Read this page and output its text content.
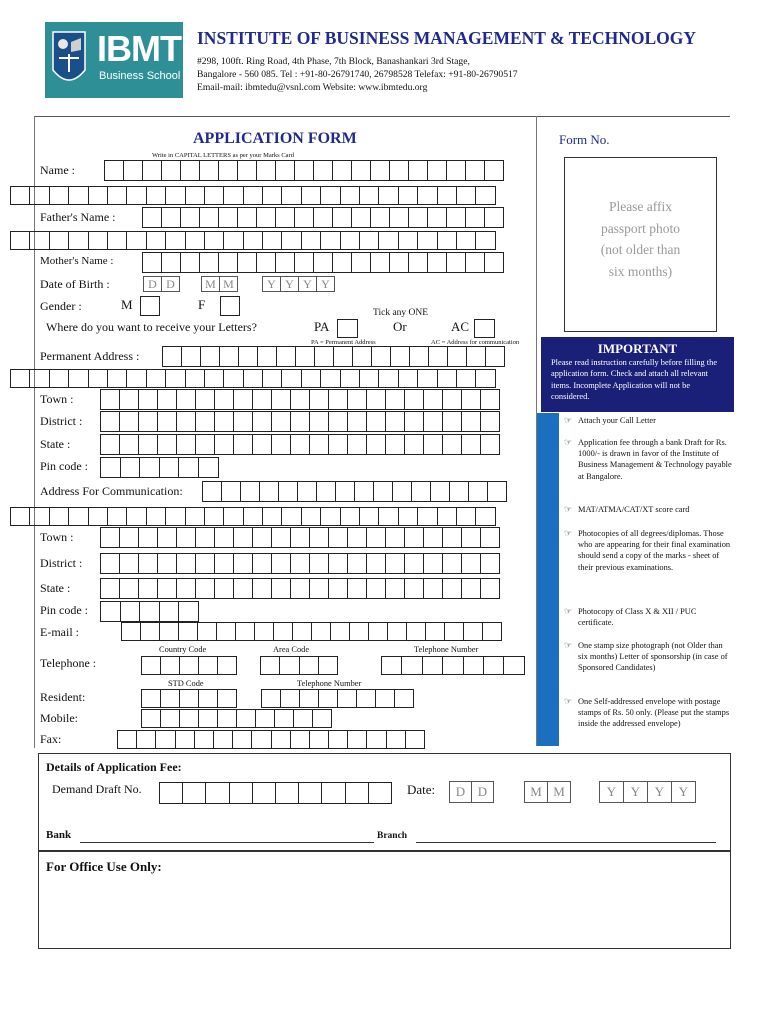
IBMT
Business School
INSTITUTE OF BUSINESS MANAGEMENT & TECHNOLOGY
#298, 100ft. Ring Road, 4th Phase, 7th Block, Banashankari 3rd Stage,
Bangalore - 560 085. Tel : +91-80-26791740, 26798528 Telefax: +91-80-26790517
Email-mail: ibmtedu@vsnl.com Website: www.ibmtedu.org
APPLICATION FORM
Write in CAPITAL LETTERS as per your Marks Card
Name :
Father's Name :
Mother's Name :
Date of Birth :	D D	M M	Y Y Y Y
Gender :	M	F
Tick any ONE
Where do you want to receive your Letters?	PA	Or	AC
PA = Permanent Address	AC = Address for communication
Permanent Address :
Town :
District :
State :
Pin code :
Address For Communication:
Town :
District :
State :
Pin code :
E-mail :
Country Code	Area Code	Telephone Number
Telephone :
STD Code	Telephone Number
Resident:
Mobile:
Fax:
Form No.
Please affix
passport photo
(not older than
six months)
IMPORTANT
Please read instruction carefully before filling the application form. Check and attach all relevant items. Incomplete Application will not be considered.
☞ Attach your Call Letter
☞ Application fee through a bank Draft for Rs. 1000/- is drawn in favor of the Institute of Business Management & Technology payable at Bangalore.
☞ MAT/ATMA/CAT/XT score card
☞ Photocopies of all degrees/diplomas. Those who are appearing for their final examination should send a copy of the marks - sheet of their previous examinations.
☞ Photocopy of Class X & XII / PUC certificate.
☞ One stamp size photograph (not Older than six months) Letter of sponsorship (in case of Sponsored Candidates)
☞ One Self-addressed envelope with postage stamps of Rs. 50 only. (Please put the stamps inside the addressed envelope)
Details of Application Fee:
Demand Draft No.	Date:	D D	M M	Y	Y	Y	Y
Bank	Branch
For Office Use Only:
